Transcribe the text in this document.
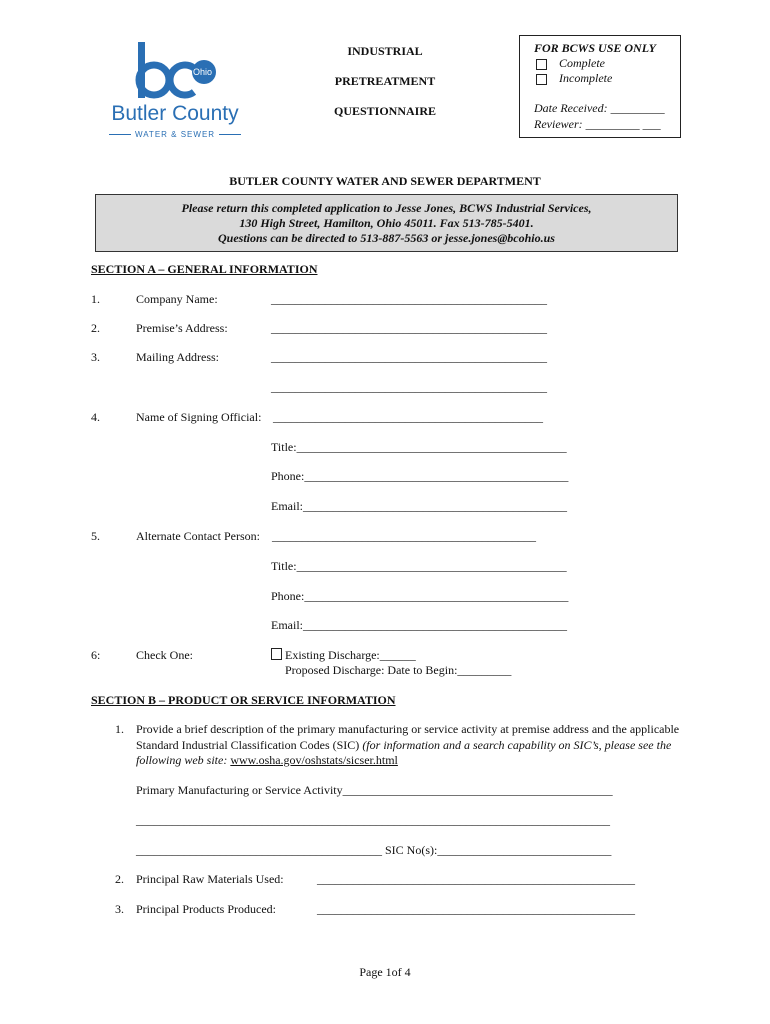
Ohio
Butler County
WATER & SEWER
INDUSTRIAL
PRETREATMENT
QUESTIONNAIRE
FOR BCWS USE ONLY
Complete
Incomplete
Date Received: _________
Reviewer: _________ ___
BUTLER COUNTY WATER AND SEWER DEPARTMENT
Please return this completed application to Jesse Jones, BCWS Industrial Services,
130 High Street, Hamilton, Ohio 45011. Fax 513-785-5401.
Questions can be directed to 513-887-5563 or jesse.jones@bcohio.us
SECTION A – GENERAL INFORMATION
1.	Company Name:	______________________________________________
2.	Premise’s Address:	______________________________________________
3.	Mailing Address:	______________________________________________
______________________________________________
4.	Name of Signing Official: _____________________________________________
Title:_____________________________________________
Phone:____________________________________________
Email:____________________________________________
5.	Alternate Contact Person: ____________________________________________
Title:_____________________________________________
Phone:____________________________________________
Email:____________________________________________
6:	Check One:	Existing Discharge:______
Proposed Discharge: Date to Begin:_________
SECTION B – PRODUCT OR SERVICE INFORMATION
1. Provide a brief description of the primary manufacturing or service activity at premise address and the applicable
Standard Industrial Classification Codes (SIC) (for information and a search capability on SIC’s, please see the
following web site: www.osha.gov/oshstats/sicser.html
Primary Manufacturing or Service Activity_____________________________________________
_______________________________________________________________________________
_________________________________________ SIC No(s):_____________________________
2. Principal Raw Materials Used:	_____________________________________________________
3. Principal Products Produced:	_____________________________________________________
Page 1of 4
